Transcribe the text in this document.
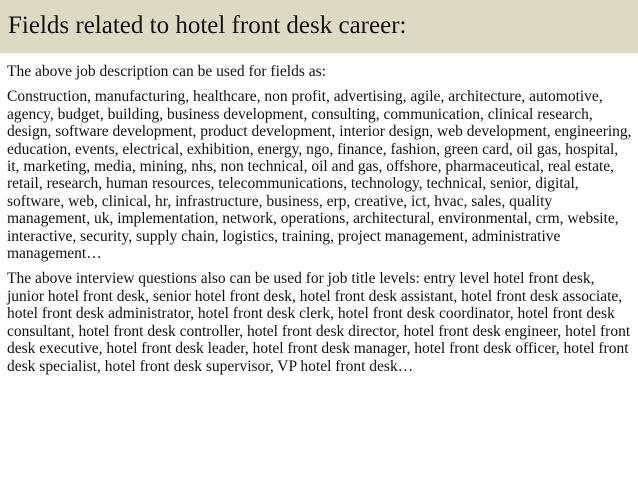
Fields related to hotel front desk career:

The above job description can be used for fields as:

Construction, manufacturing, healthcare, non profit, advertising, agile, architecture, automotive, agency, budget, building, business development, consulting, communication, clinical research, design, software development, product development, interior design, web development, engineering, education, events, electrical, exhibition, energy, ngo, finance, fashion, green card, oil gas, hospital, it, marketing, media, mining, nhs, non technical, oil and gas, offshore, pharmaceutical, real estate, retail, research, human resources, telecommunications, technology, technical, senior, digital, software, web, clinical, hr, infrastructure, business, erp, creative, ict, hvac, sales, quality management, uk, implementation, network, operations, architectural, environmental, crm, website, interactive, security, supply chain, logistics, training, project management, administrative management…

The above interview questions also can be used for job title levels: entry level hotel front desk, junior hotel front desk, senior hotel front desk, hotel front desk assistant, hotel front desk associate, hotel front desk administrator, hotel front desk clerk, hotel front desk coordinator, hotel front desk consultant, hotel front desk controller, hotel front desk director, hotel front desk engineer, hotel front desk executive, hotel front desk leader, hotel front desk manager, hotel front desk officer, hotel front desk specialist, hotel front desk supervisor, VP hotel front desk…
